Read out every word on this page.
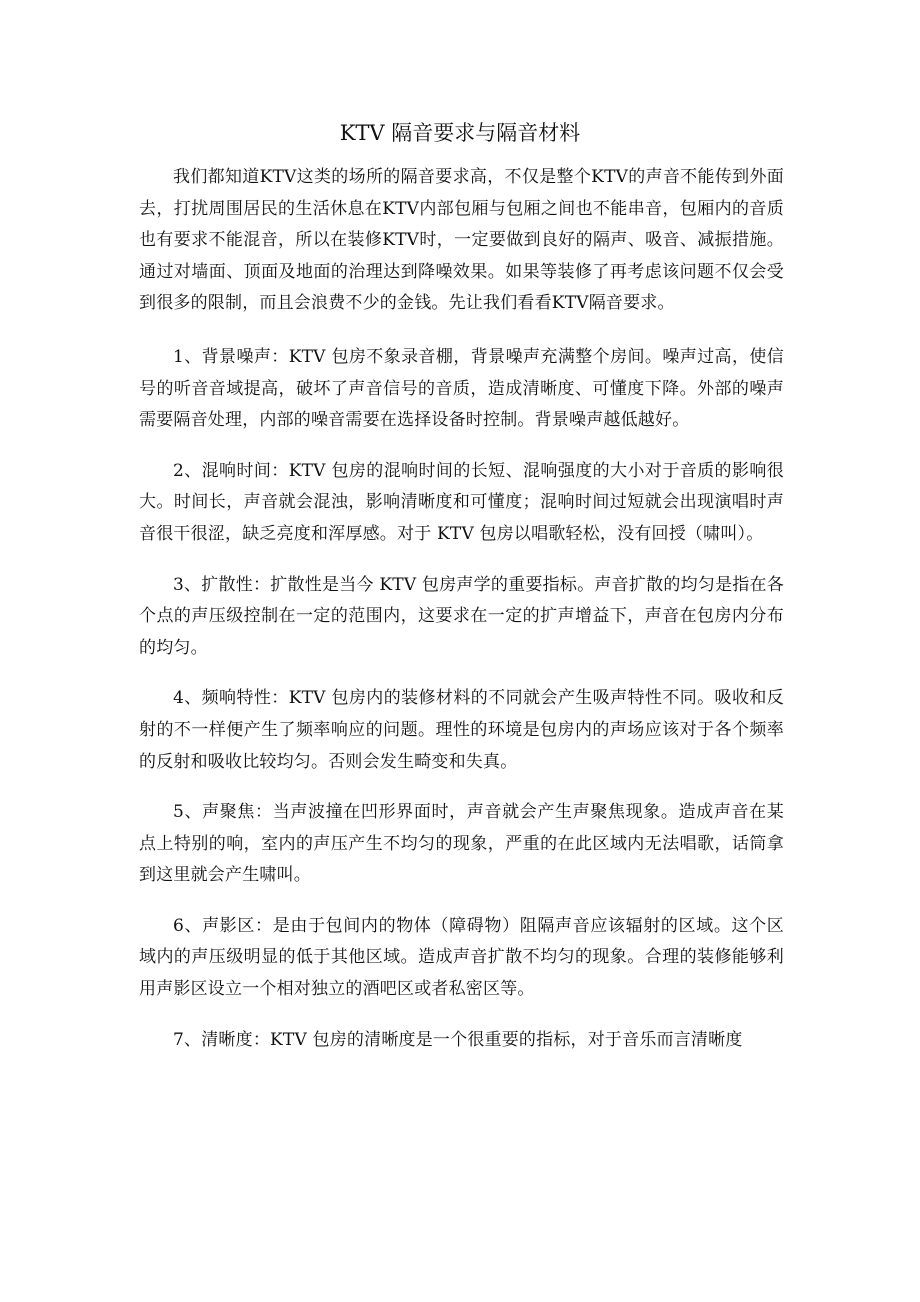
KTV 隔音要求与隔音材料

我们都知道KTV这类的场所的隔音要求高，不仅是整个KTV的声音不能传到外面去，打扰周围居民的生活休息在KTV内部包厢与包厢之间也不能串音，包厢内的音质也有要求不能混音，所以在装修KTV时，一定要做到良好的隔声、吸音、减振措施。通过对墙面、顶面及地面的治理达到降噪效果。如果等装修了再考虑该问题不仅会受到很多的限制，而且会浪费不少的金钱。先让我们看看KTV隔音要求。

1、背景噪声：KTV 包房不象录音棚，背景噪声充满整个房间。噪声过高，使信号的听音音域提高，破坏了声音信号的音质，造成清晰度、可懂度下降。外部的噪声需要隔音处理，内部的噪音需要在选择设备时控制。背景噪声越低越好。

2、混响时间：KTV 包房的混响时间的长短、混响强度的大小对于音质的影响很大。时间长，声音就会混浊，影响清晰度和可懂度；混响时间过短就会出现演唱时声音很干很涩，缺乏亮度和浑厚感。对于 KTV 包房以唱歌轻松，没有回授（啸叫）。

3、扩散性：扩散性是当今 KTV 包房声学的重要指标。声音扩散的均匀是指在各个点的声压级控制在一定的范围内，这要求在一定的扩声增益下，声音在包房内分布的均匀。

4、频响特性：KTV 包房内的装修材料的不同就会产生吸声特性不同。吸收和反射的不一样便产生了频率响应的问题。理性的环境是包房内的声场应该对于各个频率的反射和吸收比较均匀。否则会发生畸变和失真。

5、声聚焦：当声波撞在凹形界面时，声音就会产生声聚焦现象。造成声音在某点上特别的响，室内的声压产生不均匀的现象，严重的在此区域内无法唱歌，话筒拿到这里就会产生啸叫。

6、声影区：是由于包间内的物体（障碍物）阻隔声音应该辐射的区域。这个区域内的声压级明显的低于其他区域。造成声音扩散不均匀的现象。合理的装修能够利用声影区设立一个相对独立的酒吧区或者私密区等。

7、清晰度：KTV 包房的清晰度是一个很重要的指标，对于音乐而言清晰度
